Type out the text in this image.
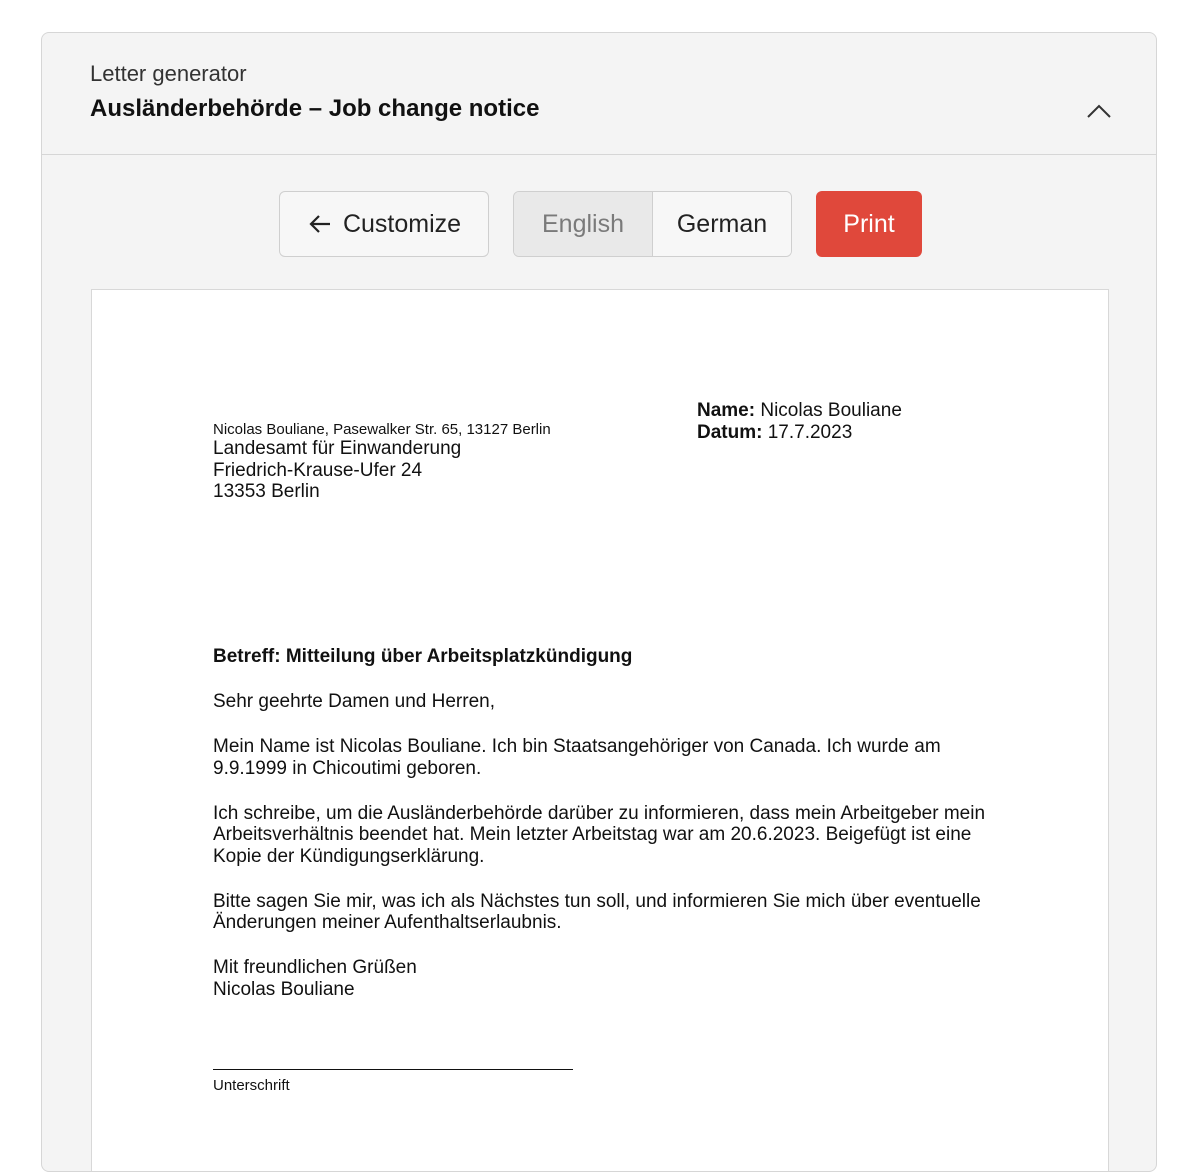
Letter generator
Ausländerbehörde – Job change notice
Customize	English	German	Print
Nicolas Bouliane, Pasewalker Str. 65, 13127 Berlin
Landesamt für Einwanderung
Friedrich-Krause-Ufer 24
13353 Berlin
Name: Nicolas Bouliane
Datum: 17.7.2023

Betreff: Mitteilung über Arbeitsplatzkündigung

Sehr geehrte Damen und Herren,

Mein Name ist Nicolas Bouliane. Ich bin Staatsangehöriger von Canada. Ich wurde am 9.9.1999 in Chicoutimi geboren.

Ich schreibe, um die Ausländerbehörde darüber zu informieren, dass mein Arbeitgeber mein Arbeitsverhältnis beendet hat. Mein letzter Arbeitstag war am 20.6.2023. Beigefügt ist eine Kopie der Kündigungserklärung.

Bitte sagen Sie mir, was ich als Nächstes tun soll, und informieren Sie mich über eventuelle Änderungen meiner Aufenthaltserlaubnis.

Mit freundlichen Grüßen
Nicolas Bouliane
Unterschrift
